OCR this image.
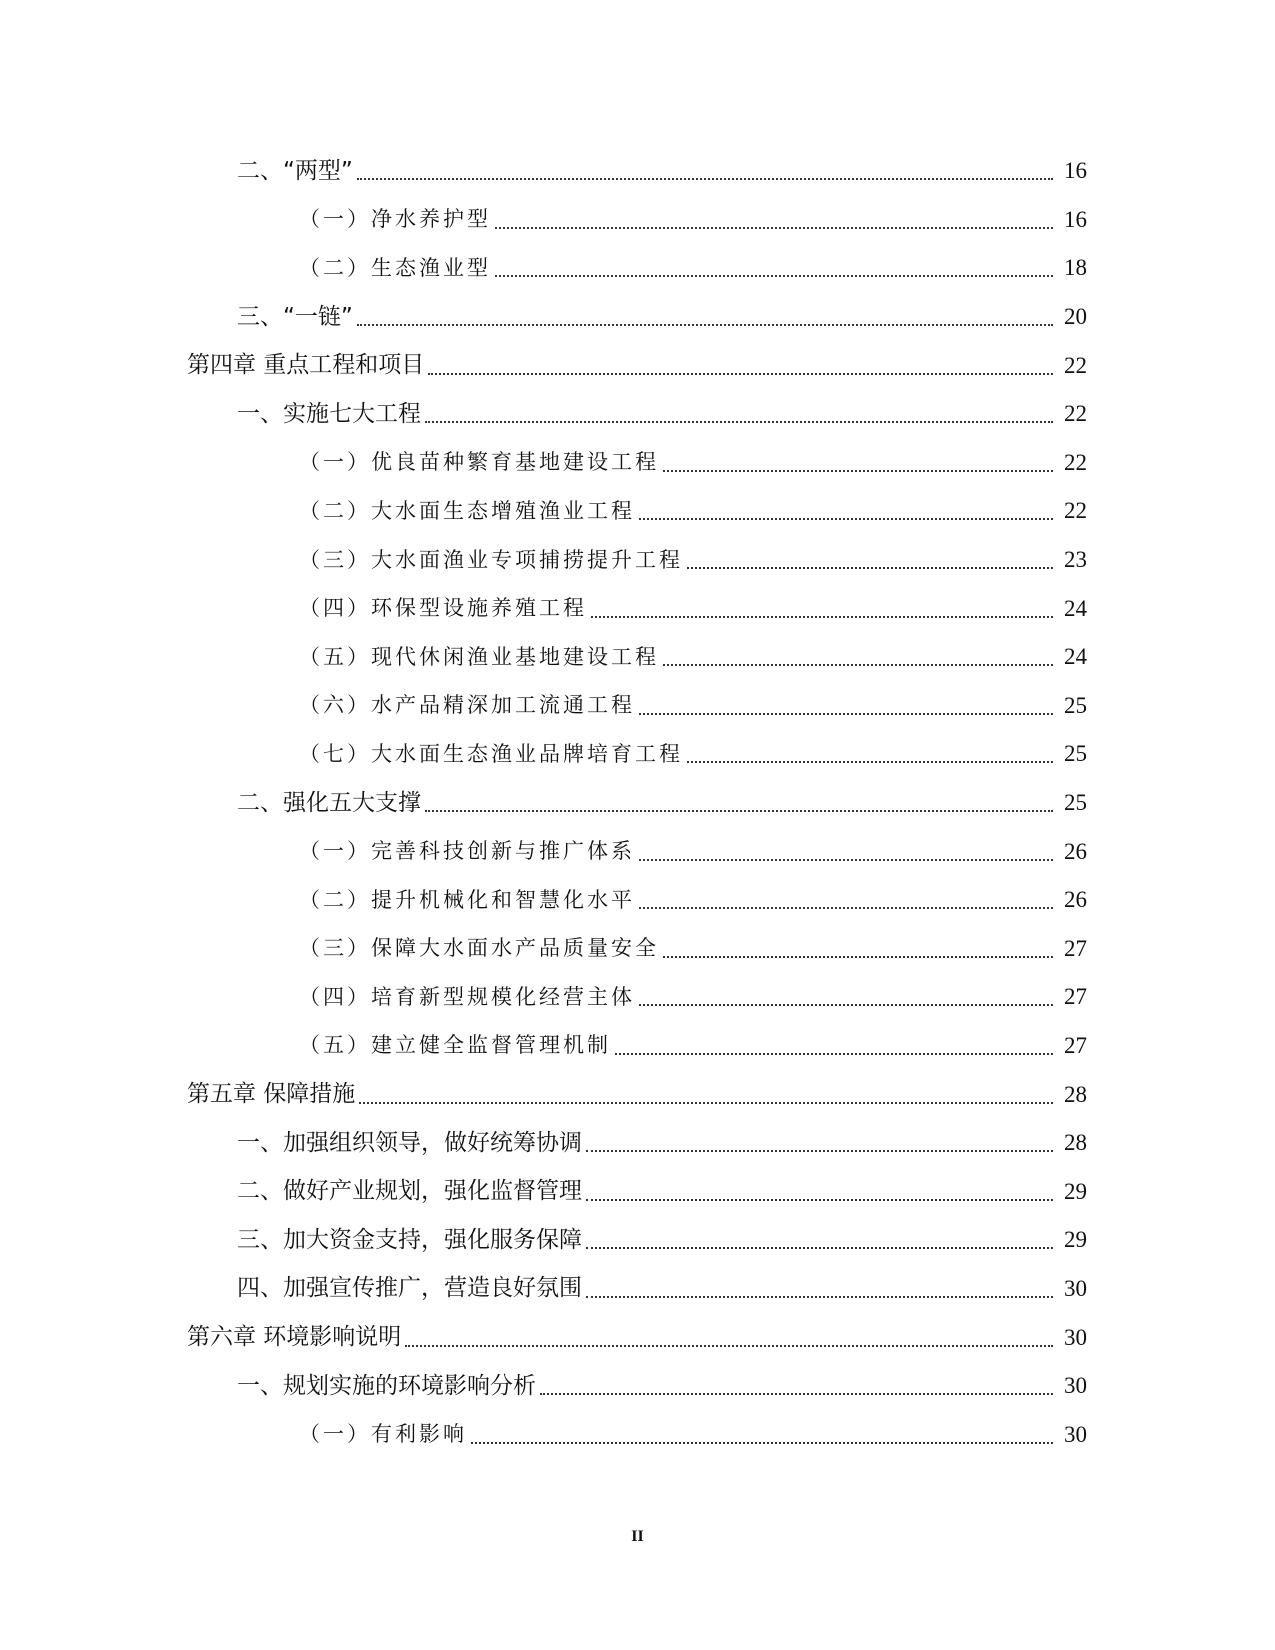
二、“两型”	16
（一）净水养护型	16
（二）生态渔业型	18
三、“一链”	20
第四章 重点工程和项目	22
一、实施七大工程	22
（一）优良苗种繁育基地建设工程	22
（二）大水面生态增殖渔业工程	22
（三）大水面渔业专项捕捞提升工程	23
（四）环保型设施养殖工程	24
（五）现代休闲渔业基地建设工程	24
（六）水产品精深加工流通工程	25
（七）大水面生态渔业品牌培育工程	25
二、强化五大支撑	25
（一）完善科技创新与推广体系	26
（二）提升机械化和智慧化水平	26
（三）保障大水面水产品质量安全	27
（四）培育新型规模化经营主体	27
（五）建立健全监督管理机制	27
第五章 保障措施	28
一、加强组织领导，做好统筹协调	28
二、做好产业规划，强化监督管理	29
三、加大资金支持，强化服务保障	29
四、加强宣传推广，营造良好氛围	30
第六章 环境影响说明	30
一、规划实施的环境影响分析	30
（一）有利影响	30
II
